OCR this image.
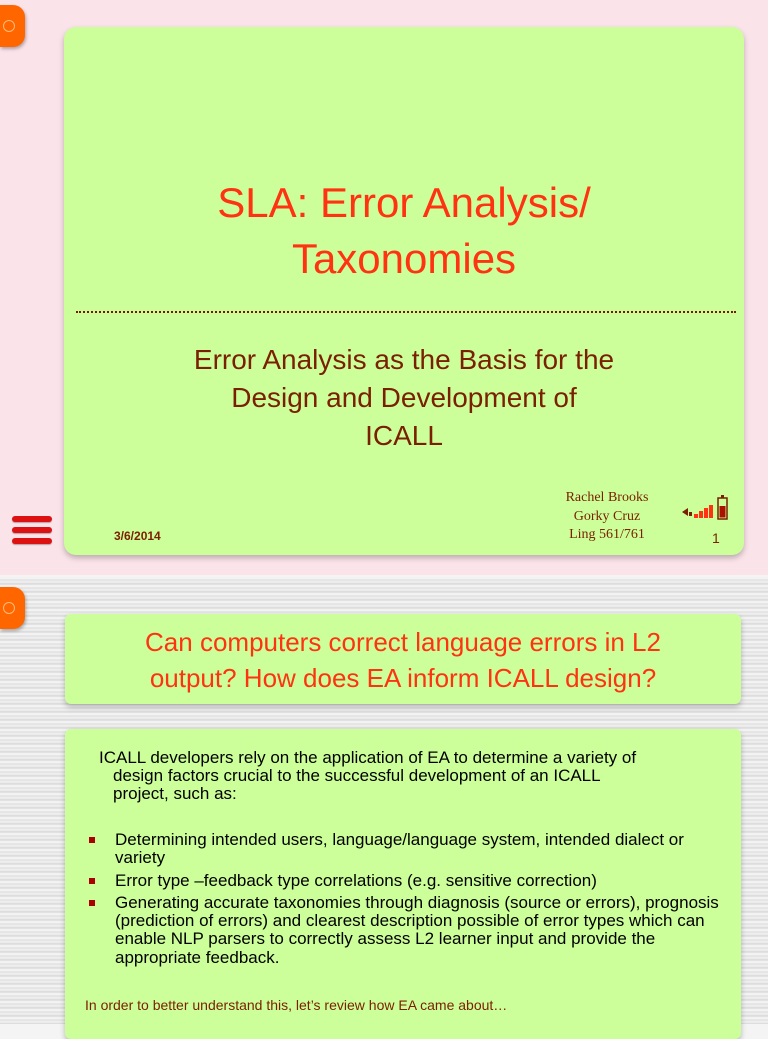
SLA: Error Analysis/
Taxonomies
Error Analysis as the Basis for the
Design and Development of
ICALL
Rachel Brooks
Gorky Cruz
Ling 561/761
3/6/2014	1
Can computers correct language errors in L2
output? How does EA inform ICALL design?
ICALL developers rely on the application of EA to determine a variety of

design factors crucial to the successful development of an ICALL
project, such as:
Determining intended users, language/language system, intended dialect or variety
Error type –feedback type correlations (e.g. sensitive correction)
Generating accurate taxonomies through diagnosis (source or errors), prognosis (prediction of errors) and clearest description possible of error types which can enable NLP parsers to correctly assess L2 learner input and provide the appropriate feedback.
In order to better understand this, let’s review how EA came about…
